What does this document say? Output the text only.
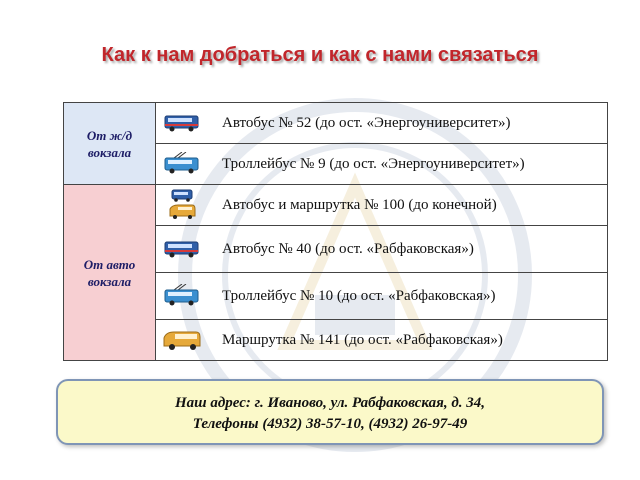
Как к нам добраться и как с нами связаться
От ж/д вокзала	Автобус № 52 (до ост. «Энергоуниверситет»)

	Троллейбус № 9 (до ост. «Энергоуниверситет»)

От авто вокзала	Автобус и маршрутка № 100 (до конечной)

	Автобус № 40 (до ост. «Рабфаковская»)

	Троллейбус № 10 (до ост. «Рабфаковская»)

	Маршрутка № 141 (до ост. «Рабфаковская»)
Наш адрес: г. Иваново, ул. Рабфаковская, д. 34,
Телефоны (4932) 38-57-10, (4932) 26-97-49
